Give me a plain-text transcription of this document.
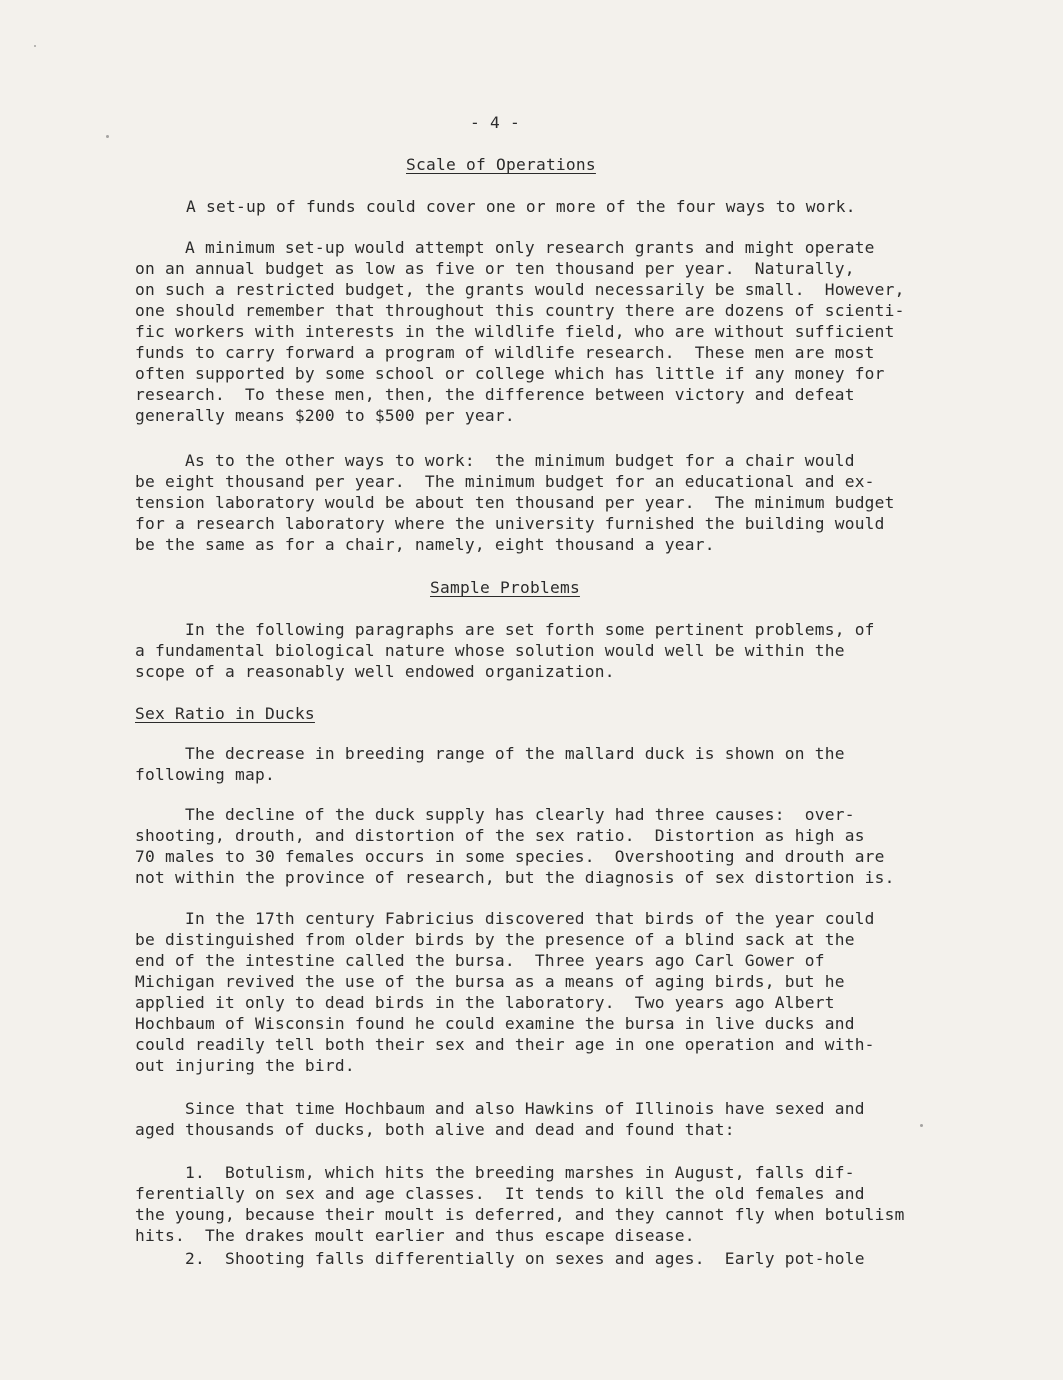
- 4 -
Scale of Operations
A set-up of funds could cover one or more of the four ways to work.

A minimum set-up would attempt only research grants and might operate

on an annual budget as low as five or ten thousand per year.  Naturally,

on such a restricted budget, the grants would necessarily be small.  However,

one should remember that throughout this country there are dozens of scienti-

fic workers with interests in the wildlife field, who are without sufficient

funds to carry forward a program of wildlife research.  These men are most

often supported by some school or college which has little if any money for

research.  To these men, then, the difference between victory and defeat

generally means $200 to $500 per year.

As to the other ways to work:  the minimum budget for a chair would

be eight thousand per year.  The minimum budget for an educational and ex-

tension laboratory would be about ten thousand per year.  The minimum budget

for a research laboratory where the university furnished the building would

be the same as for a chair, namely, eight thousand a year.

Sample Problems

In the following paragraphs are set forth some pertinent problems, of

a fundamental biological nature whose solution would well be within the

scope of a reasonably well endowed organization.

Sex Ratio in Ducks

The decrease in breeding range of the mallard duck is shown on the

following map.

The decline of the duck supply has clearly had three causes:  over-

shooting, drouth, and distortion of the sex ratio.  Distortion as high as

70 males to 30 females occurs in some species.  Overshooting and drouth are

not within the province of research, but the diagnosis of sex distortion is.

In the 17th century Fabricius discovered that birds of the year could

be distinguished from older birds by the presence of a blind sack at the

end of the intestine called the bursa.  Three years ago Carl Gower of

Michigan revived the use of the bursa as a means of aging birds, but he

applied it only to dead birds in the laboratory.  Two years ago Albert

Hochbaum of Wisconsin found he could examine the bursa in live ducks and

could readily tell both their sex and their age in one operation and with-

out injuring the bird.

Since that time Hochbaum and also Hawkins of Illinois have sexed and

aged thousands of ducks, both alive and dead and found that:

1.  Botulism, which hits the breeding marshes in August, falls dif-

ferentially on sex and age classes.  It tends to kill the old females and

the young, because their moult is deferred, and they cannot fly when botulism

hits.  The drakes moult earlier and thus escape disease.

2.  Shooting falls differentially on sexes and ages.  Early pot-hole
